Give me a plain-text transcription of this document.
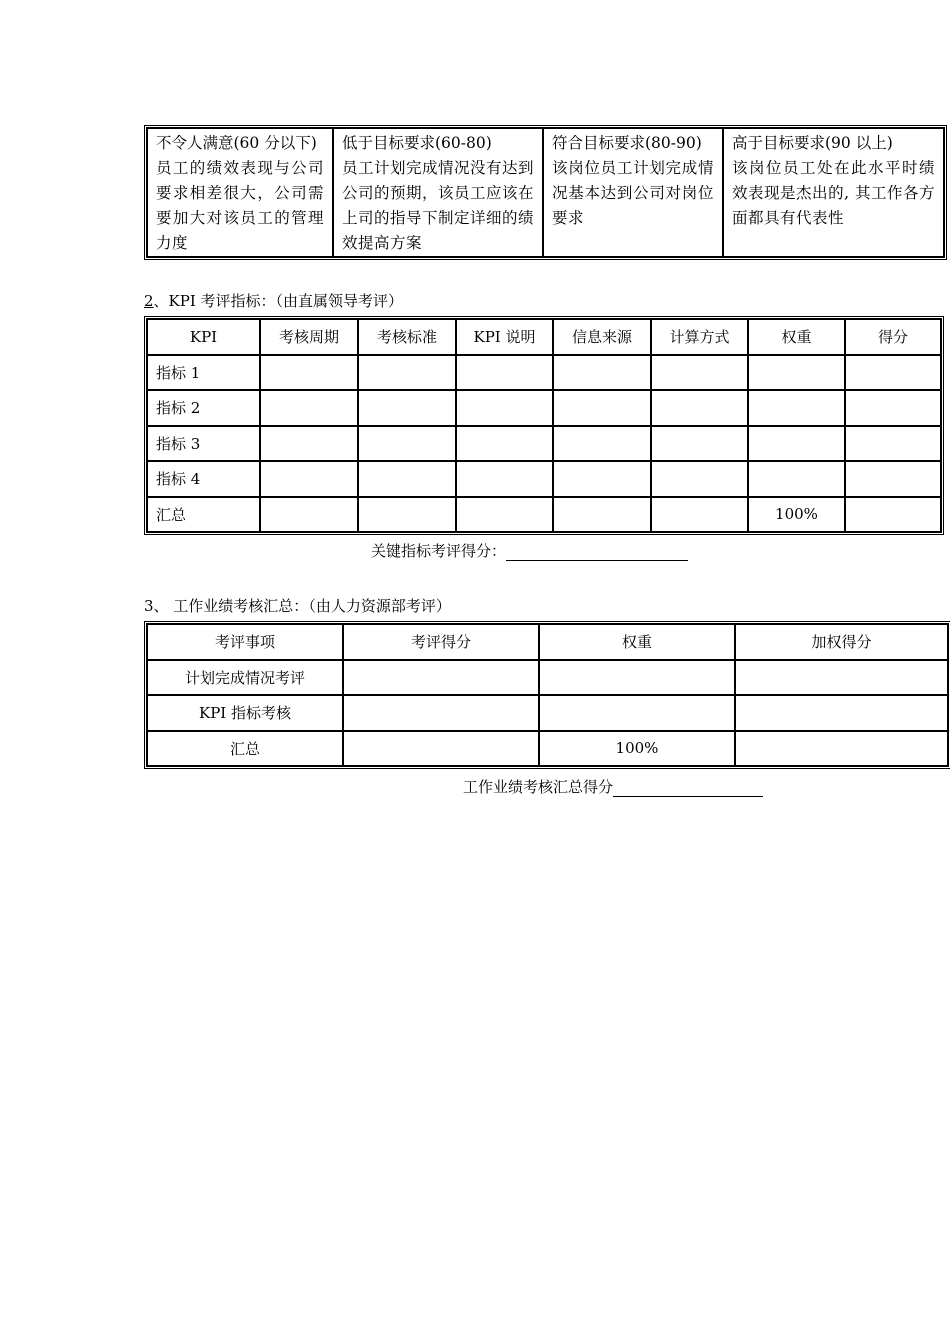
不令人满意(60 分以下)
员工的绩效表现与公司要求相差很大，公司需要加大对该员工的管理力度

低于目标要求(60-80)
员工计划完成情况没有达到公司的预期，该员工应该在上司的指导下制定详细的绩效提高方案

符合目标要求(80-90)
该岗位员工计划完成情况基本达到公司对岗位要求

高于目标要求(90 以上)
该岗位员工处在此水平时绩效表现是杰出的, 其工作各方面都具有代表性
2、KPI 考评指标：（由直属领导考评）
KPI	考核周期	考核标准	KPI 说明	信息来源	计算方式	权重	得分
指标 1							
指标 2							
指标 3							
指标 4							
汇总						100%	
关键指标考评得分：
3、 工作业绩考核汇总：（由人力资源部考评）
考评事项	考评得分	权重	加权得分
计划完成情况考评			
KPI 指标考核			
汇总		100%	
工作业绩考核汇总得分
